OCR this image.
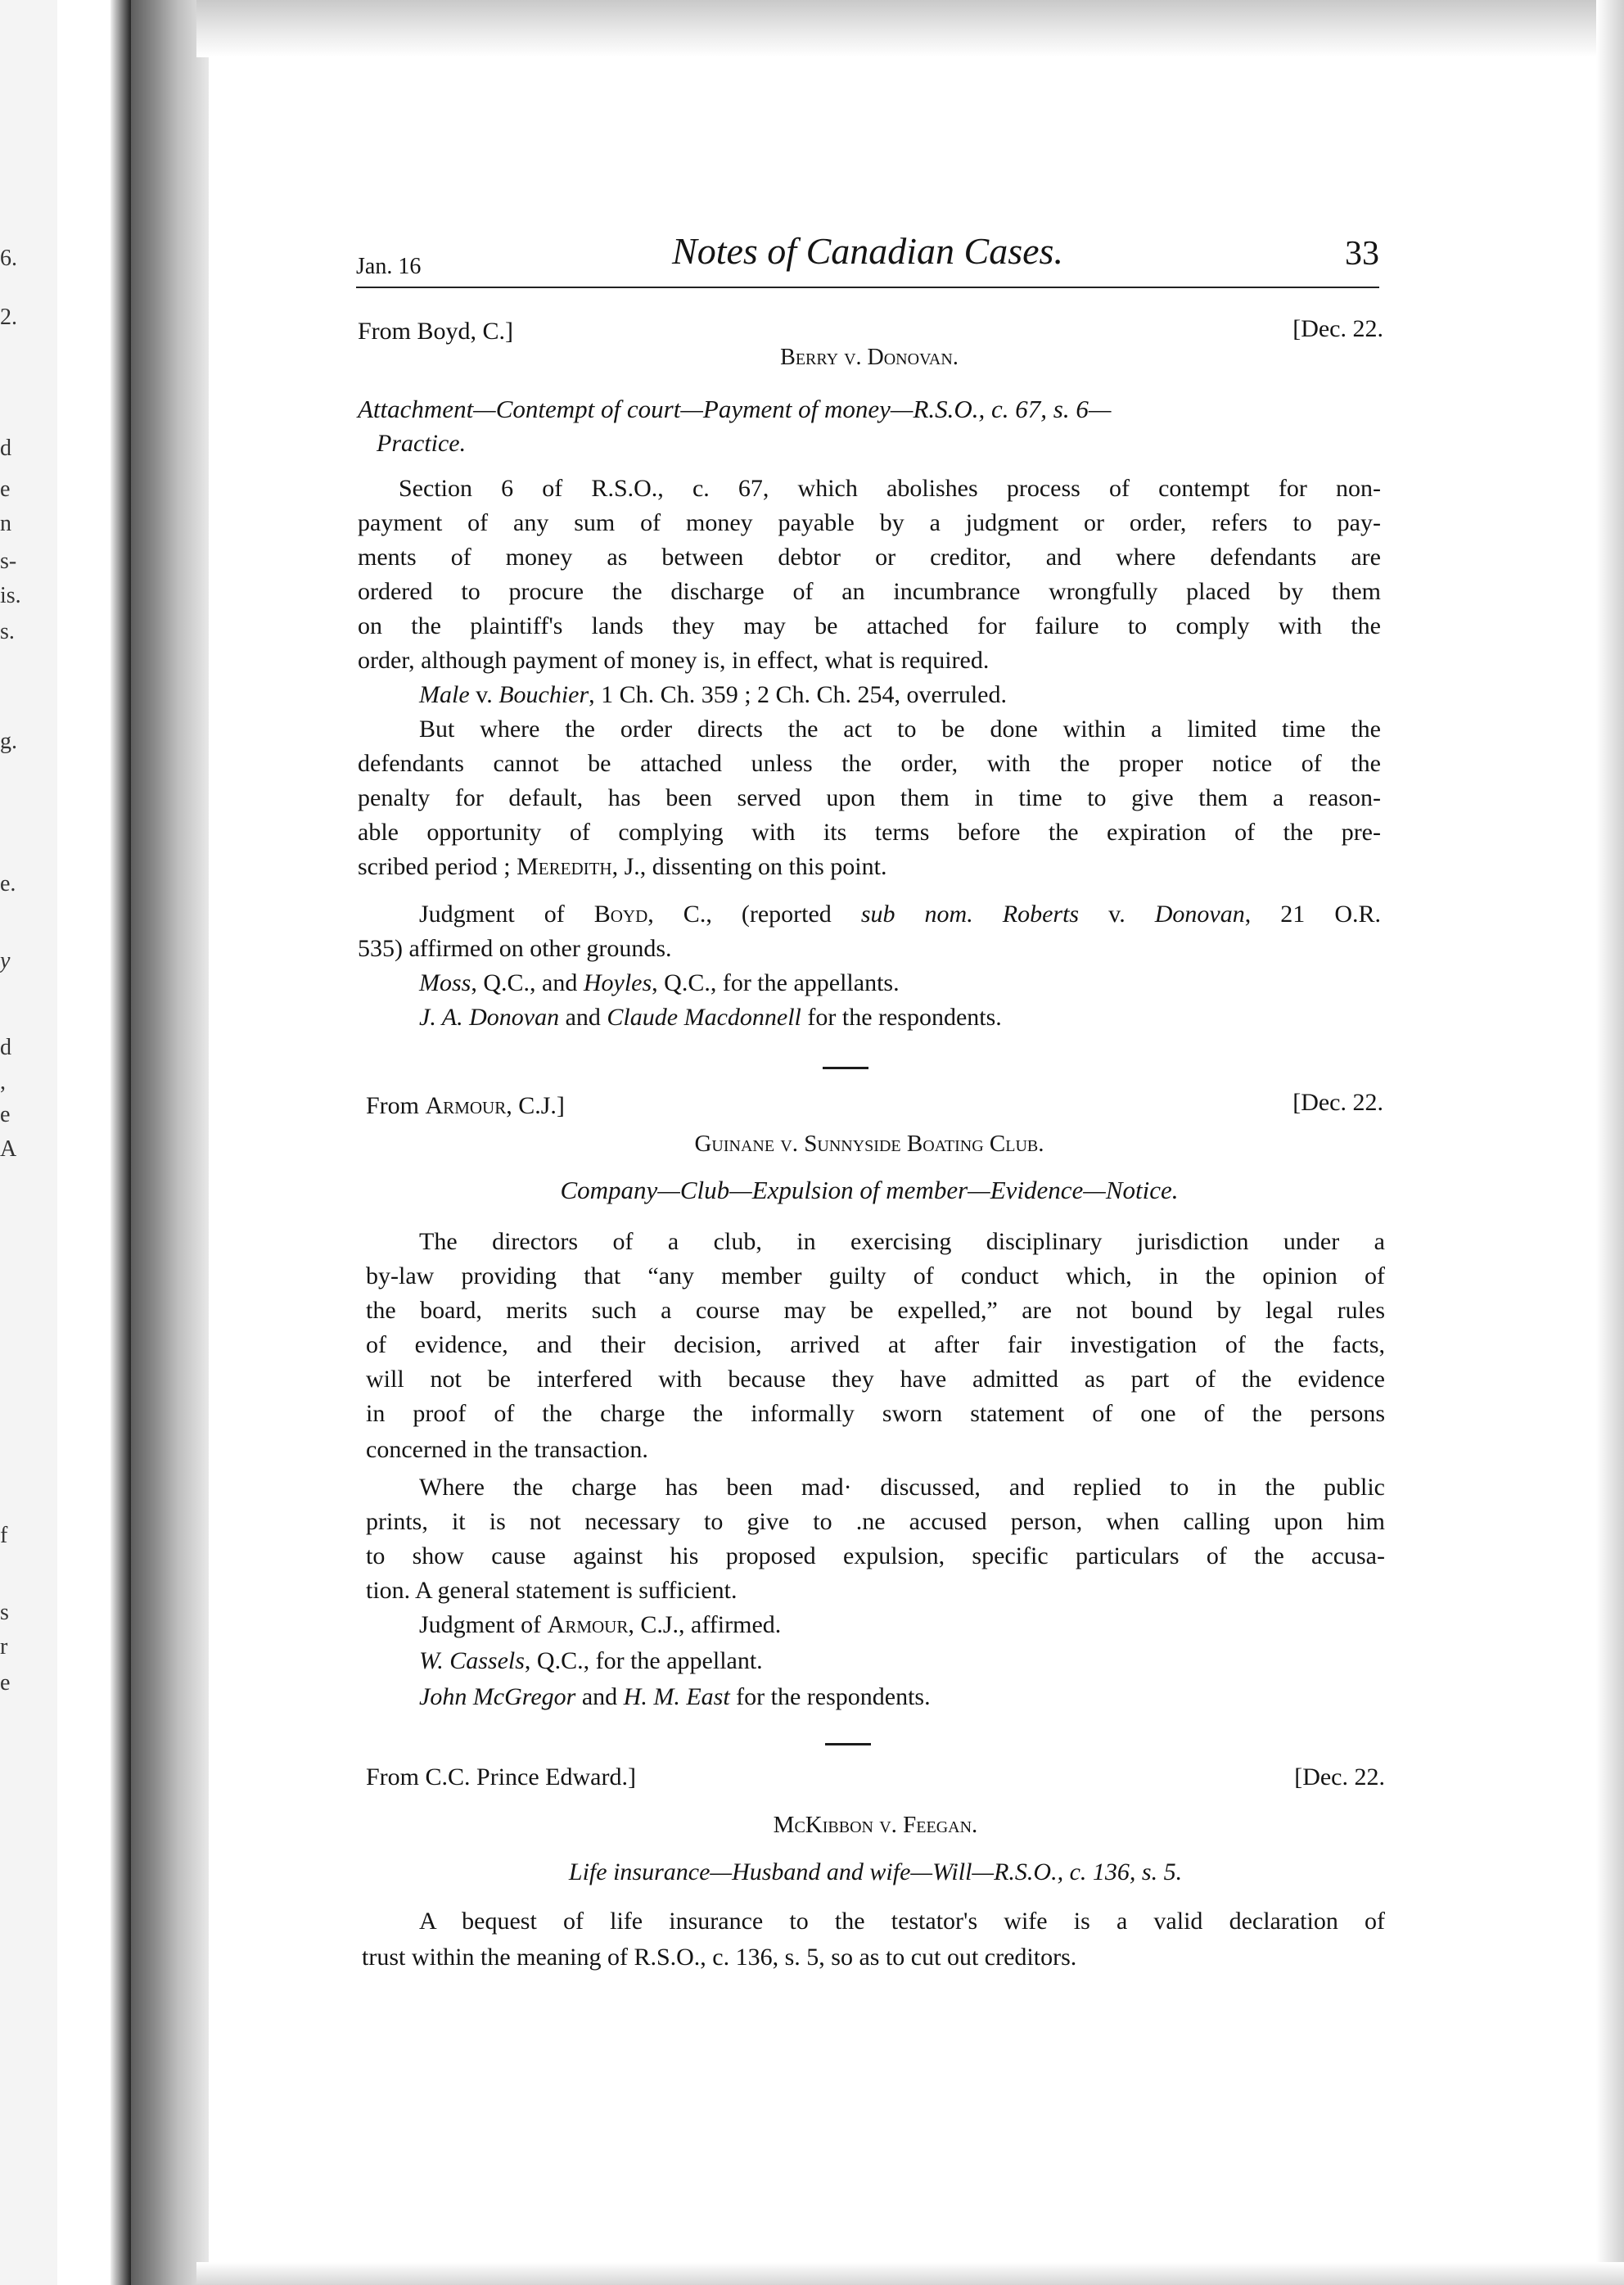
6.
2.
d
e
n
s-
is.
s.
g.
e.
y
d
,
e
A
f
s
r
e
Jan. 16	Notes of Canadian Cases.	33
From Boyd, C.]	[Dec. 22.
Berry v. Donovan.
Attachment—Contempt of court—Payment of money—R.S.O., c. 67, s. 6—
Practice.
Section 6 of R.S.O., c. 67, which abolishes process of contempt for non-
payment of any sum of money payable by a judgment or order, refers to pay-
ments of money as between debtor or creditor, and where defendants are
ordered to procure the discharge of an incumbrance wrongfully placed by them
on the plaintiff's lands they may be attached for failure to comply with the
order, although payment of money is, in effect, what is required.
Male v. Bouchier, 1 Ch. Ch. 359 ; 2 Ch. Ch. 254, overruled.
But where the order directs the act to be done within a limited time the
defendants cannot be attached unless the order, with the proper notice of the
penalty for default, has been served upon them in time to give them a reason-
able opportunity of complying with its terms before the expiration of the pre-
scribed period ; Meredith, J., dissenting on this point.
Judgment of Boyd, C., (reported sub nom. Roberts v. Donovan, 21 O.R.
535) affirmed on other grounds.
Moss, Q.C., and Hoyles, Q.C., for the appellants.
J. A. Donovan and Claude Macdonnell for the respondents.
From Armour, C.J.]	[Dec. 22.
Guinane v. Sunnyside Boating Club.
Company—Club—Expulsion of member—Evidence—Notice.
The directors of a club, in exercising disciplinary jurisdiction under a
by-law providing that “any member guilty of conduct which, in the opinion of
the board, merits such a course may be expelled,” are not bound by legal rules
of evidence, and their decision, arrived at after fair investigation of the facts,
will not be interfered with because they have admitted as part of the evidence
in proof of the charge the informally sworn statement of one of the persons
concerned in the transaction.
Where the charge has been mad· discussed, and replied to in the public
prints, it is not necessary to give to .ne accused person, when calling upon him
to show cause against his proposed expulsion, specific particulars of the accusa-
tion. A general statement is sufficient.
Judgment of Armour, C.J., affirmed.
W. Cassels, Q.C., for the appellant.
John McGregor and H. M. East for the respondents.
From C.C. Prince Edward.]	[Dec. 22.
McKibbon v. Feegan.
Life insurance—Husband and wife—Will—R.S.O., c. 136, s. 5.
A bequest of life insurance to the testator's wife is a valid declaration of
trust within the meaning of R.S.O., c. 136, s. 5, so as to cut out creditors.
